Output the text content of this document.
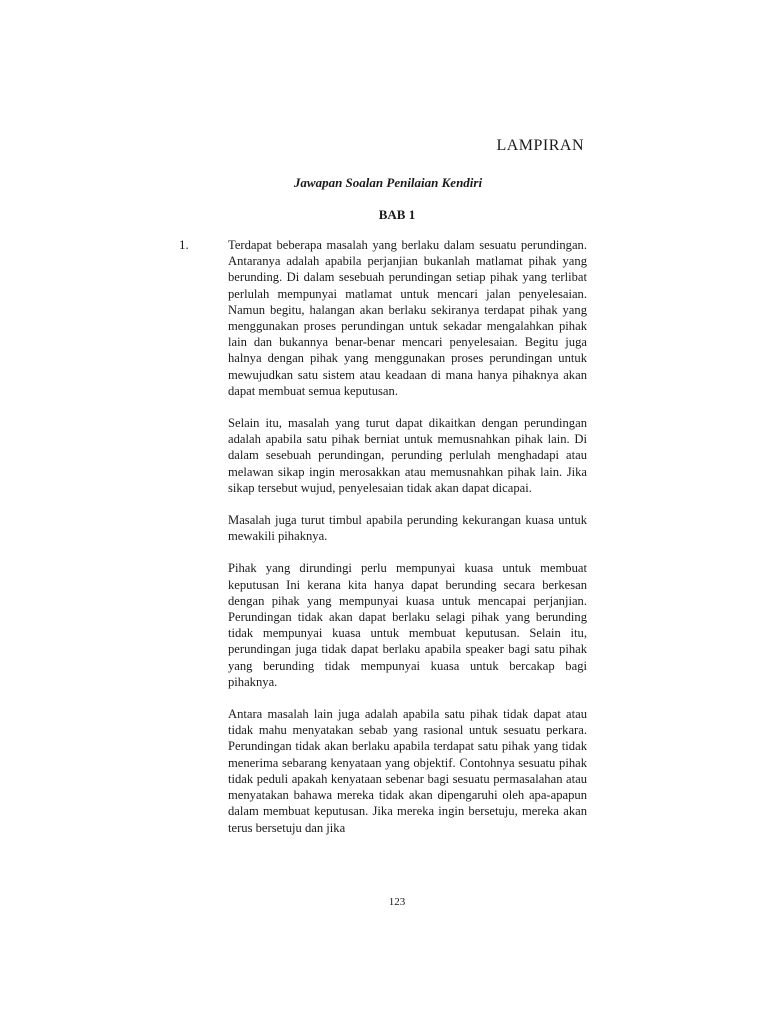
LAMPIRAN
Jawapan Soalan Penilaian Kendiri
BAB 1
1.	Terdapat beberapa masalah yang berlaku dalam sesuatu perundingan. Antaranya adalah apabila perjanjian bukanlah matlamat pihak yang berunding. Di dalam sesebuah perundingan setiap pihak yang terlibat perlulah mempunyai matlamat untuk mencari jalan penyelesaian. Namun begitu, halangan akan berlaku sekiranya terdapat pihak yang menggunakan proses perundingan untuk sekadar mengalahkan pihak lain dan bukannya benar-benar mencari penyelesaian. Begitu juga halnya dengan pihak yang menggunakan proses perundingan untuk mewujudkan satu sistem atau keadaan di mana hanya pihaknya akan dapat membuat semua keputusan.

Selain itu, masalah yang turut dapat dikaitkan dengan perundingan adalah apabila satu pihak berniat untuk memusnahkan pihak lain. Di dalam sesebuah perundingan, perunding perlulah menghadapi atau melawan sikap ingin merosakkan atau memusnahkan pihak lain. Jika sikap tersebut wujud, penyelesaian tidak akan dapat dicapai.

Masalah juga turut timbul apabila perunding kekurangan kuasa untuk mewakili pihaknya.

Pihak yang dirundingi perlu mempunyai kuasa untuk membuat keputusan Ini kerana kita hanya dapat berunding secara berkesan dengan pihak yang mempunyai kuasa untuk mencapai perjanjian. Perundingan tidak akan dapat berlaku selagi pihak yang berunding tidak mempunyai kuasa untuk membuat keputusan. Selain itu, perundingan juga tidak dapat berlaku apabila speaker bagi satu pihak yang berunding tidak mempunyai kuasa untuk bercakap bagi pihaknya.

Antara masalah lain juga adalah apabila satu pihak tidak dapat atau tidak mahu menyatakan sebab yang rasional untuk sesuatu perkara. Perundingan tidak akan berlaku apabila terdapat satu pihak yang tidak menerima sebarang kenyataan yang objektif. Contohnya sesuatu pihak tidak peduli apakah kenyataan sebenar bagi sesuatu permasalahan atau menyatakan bahawa mereka tidak akan dipengaruhi oleh apa-apapun dalam membuat keputusan. Jika mereka ingin bersetuju, mereka akan terus bersetuju dan jika

123
